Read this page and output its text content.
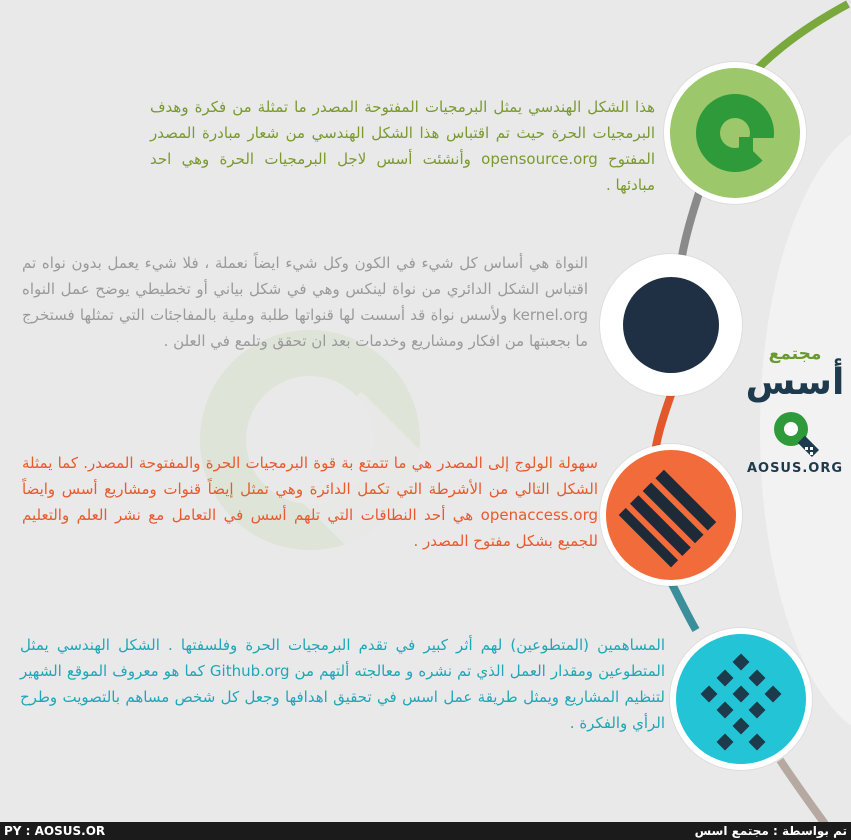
هذا الشكل الهندسي يمثل البرمجيات المفتوحة المصدر ما تمثلة من فكرة وهدف البرمجيات الحرة حيث تم اقتباس هذا الشكل الهندسي من شعار مبادرة المصدر المفتوح opensource.org وأنشئت أسس لاجل البرمجيات الحرة وهي احد مبادئها .

النواة هي أساس كل شيء في الكون وكل شيء ايضاً نعملة ، فلا شيء يعمل بدون نواه تم اقتباس الشكل الدائري من نواة لينكس وهي في شكل بياني أو تخطيطي يوضح عمل النواه kernel.org ولأسس نواة قد أسست لها قنواتها طلبة وملية بالمفاجئات التي تمثلها فستخرج ما بجعبتها من افكار ومشاريع وخدمات بعد ان تحقق وتلمع في العلن .

سهولة الولوج إلى المصدر هي ما تتمتع بة قوة البرمجيات الحرة والمفتوحة المصدر. كما يمثلة الشكل التالي من الأشرطة التي تكمل الدائرة وهي تمثل إيضاً قنوات ومشاريع أسس وايضاً openaccess.org هي أحد النطاقات التي تلهم أسس في التعامل مع نشر العلم والتعليم للجميع بشكل مفتوح المصدر .

المساهمين (المتطوعين) لهم أثر كبير في تقدم البرمجيات الحرة وفلسفتها . الشكل الهندسي يمثل المتطوعين ومقدار العمل الذي تم نشره و معالجته ألتهم من Github.org كما هو معروف الموقع الشهير لتنظيم المشاريع ويمثل طريقة عمل اسس في تحقيق اهدافها وجعل كل شخص مساهم بالتصويت وطرح الرأي والفكرة .

مجتمع
أسس
AOSUS.ORG
PY : AOSUS.OR	تم بواسطة : مجتمع اسس
